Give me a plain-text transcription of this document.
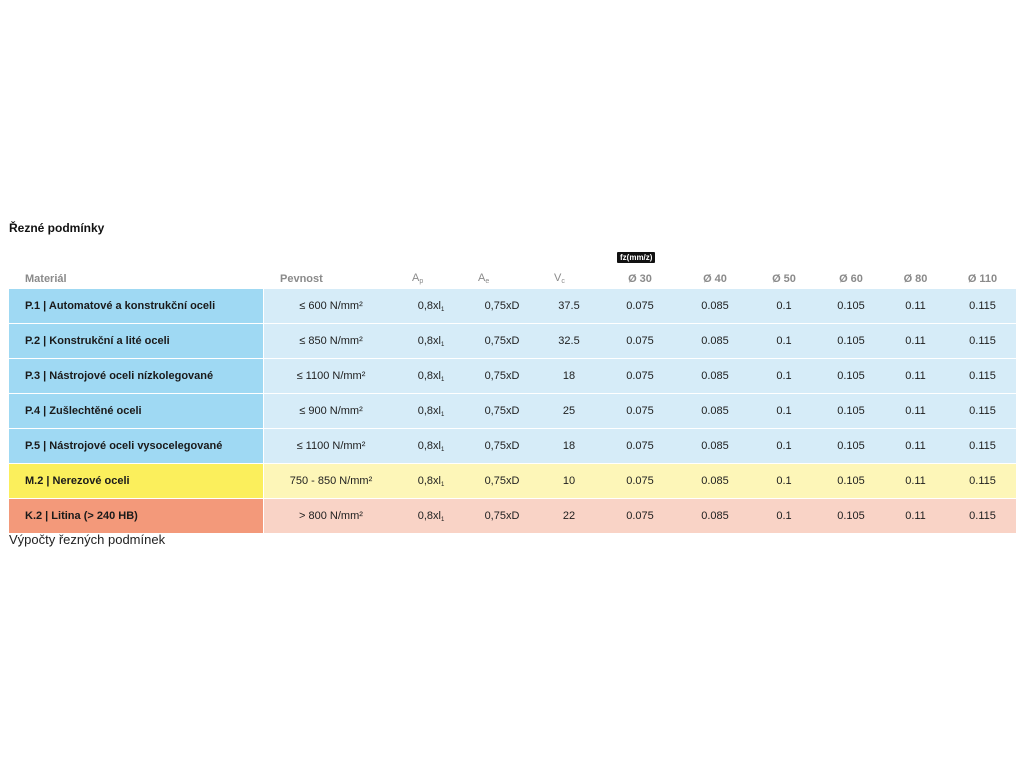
Řezné podmínky
fz(mm/z)
Materiál	Pevnost	$A_p$	$A_e$	$V_c$	Ø 30	Ø 40	Ø 50	Ø 60	Ø 80	Ø 110
P.1 | Automatové a konstrukční oceli	≤ 600 N/mm²	$0,8xl_1$	0,75xD	37.5	0.075	0.085	0.1	0.105	0.11	0.115
P.2 | Konstrukční a lité oceli	≤ 850 N/mm²	$0,8xl_1$	0,75xD	32.5	0.075	0.085	0.1	0.105	0.11	0.115
P.3 | Nástrojové oceli nízkolegované	≤ 1100 N/mm²	$0,8xl_1$	0,75xD	18	0.075	0.085	0.1	0.105	0.11	0.115
P.4 | Zušlechtěné oceli	≤ 900 N/mm²	$0,8xl_1$	0,75xD	25	0.075	0.085	0.1	0.105	0.11	0.115
P.5 | Nástrojové oceli vysocelegované	≤ 1100 N/mm²	$0,8xl_1$	0,75xD	18	0.075	0.085	0.1	0.105	0.11	0.115
M.2 | Nerezové oceli	750 - 850 N/mm²	$0,8xl_1$	0,75xD	10	0.075	0.085	0.1	0.105	0.11	0.115
K.2 | Litina (> 240 HB)	> 800 N/mm²	$0,8xl_1$	0,75xD	22	0.075	0.085	0.1	0.105	0.11	0.115
Výpočty řezných podmínek
